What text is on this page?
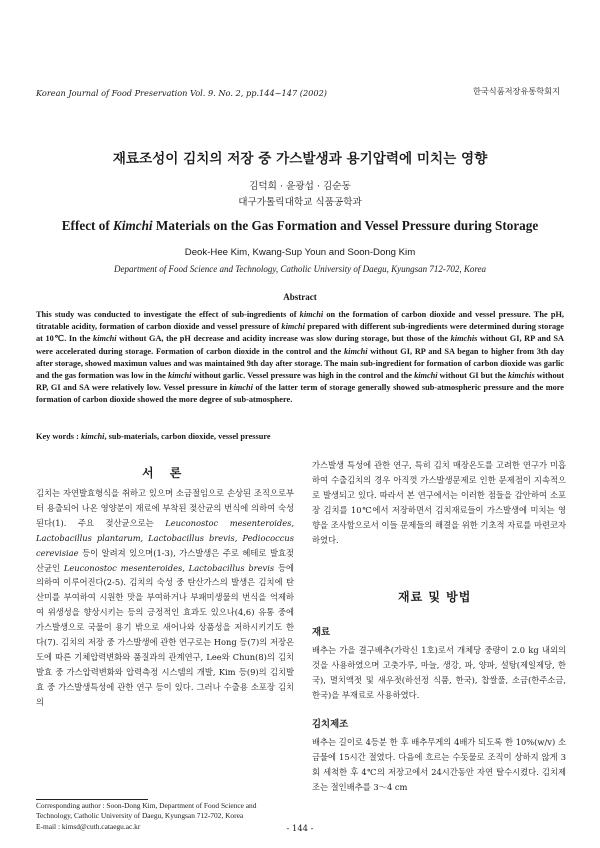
Korean Journal of Food Preservation Vol. 9. No. 2, pp.144~147 (2002)	한국식품저장유통학회지
재료조성이 김치의 저장 중 가스발생과 용기압력에 미치는 영향
김덕희 · 윤광섭 · 김순동
대구가톨릭대학교 식품공학과
Effect of Kimchi Materials on the Gas Formation and Vessel Pressure during Storage
Deok-Hee Kim, Kwang-Sup Youn and Soon-Dong Kim
Department of Food Science and Technology, Catholic University of Daegu, Kyungsan 712-702, Korea
Abstract
This study was conducted to investigate the effect of sub-ingredients of kimchi on the formation of carbon dioxide and vessel pressure. The pH, titratable acidity, formation of carbon dioxide and vessel pressure of kimchi prepared with different sub-ingredients were determined during storage at 10℃. In the kimchi without GA, the pH decrease and acidity increase was slow during storage, but those of the kimchis without GI, RP and SA were accelerated during storage. Formation of carbon dioxide in the control and the kimchi without GI, RP and SA began to higher from 3th day after storage, showed maximun values and was maintained 9th day after storage. The main sub-ingredient for formation of carbon dioxide was garlic and the gas formation was low in the kimchi without garlic. Vessel pressure was high in the control and the kimchi without GI but the kimchis without RP, GI and SA were relatively low. Vessel pressure in kimchi of the latter term of storage generally showed sub-atmospheric pressure and the more formation of carbon dioxide showed the more degree of sub-atmosphere.
Key words : kimchi, sub-materials, carbon dioxide, vessel pressure
서 론
김치는 자연발효형식을 취하고 있으며 소금절임으로 손상된 조직으로부터 용출되어 나온 영양분이 재료에 부착된 젖산균의 번식에 의하여 숙성된다(1). 주요 젖산균으로는 Leuconostoc mesenteroides, Lactobacillus plantarum, Lactobacillus brevis, Pediococcus cerevisiae 등이 알려져 있으며(1-3), 가스발생은 주로 헤테로 발효젖산균인 Leuconostoc mesenteroides, Lactobacillus brevis 등에 의하여 이루어진다(2-5). 김치의 숙성 중 탄산가스의 발생은 김치에 탄산미를 부여하여 시원한 맛을 부여하거나 부패미생물의 번식을 억제하여 위생성을 향상시키는 등의 긍정적인 효과도 있으나(4,6) 유통 중에 가스발생으로 국물이 용기 밖으로 새어나와 상품성을 저하시키기도 한다(7). 김치의 저장 중 가스발생에 관한 연구로는 Hong 등(7)의 저장온도에 따른 기체압력변화와 품질과의 관계연구, Lee와 Chun(8)의 김치발효 중 가스압력변화와 압력측정 시스템의 개발, Kim 등(9)의 김치발효 중 가스발생특성에 관한 연구 등이 있다. 그러나 수출용 소포장 김치의
가스발생 특성에 관한 연구, 특히 김치 매장온도를 고려한 연구가 미흡하여 수출김치의 경우 아직껏 가스발생문제로 인한 문제점이 지속적으로 발생되고 있다. 따라서 본 연구에서는 이러한 점들을 감안하여 소포장 김치를 10℃에서 저장하면서 김치재료들이 가스발생에 미치는 영향을 조사함으로서 이들 문제들의 해결을 위한 기초적 자료를 마련코자 하였다.
재료 및 방법
재료
배추는 가을 결구배추(가락신 1호)로서 개체당 중량이 2.0 kg 내외의 것을 사용하였으며 고춧가루, 마늘, 생강, 파, 양파, 설탕(제일제당, 한국), 멸치액젓 및 새우젓(하선정 식품, 한국), 찹쌀풀, 소금(한주소금, 한국)을 부재료로 사용하였다.
김치제조
배추는 길이로 4등분 한 후 배추무게의 4배가 되도록 한 10%(w/v) 소금물에 15시간 절였다. 다음에 흐르는 수돗물로 조직이 상하지 않게 3회 세척한 후 4℃의 저장고에서 24시간동안 자연 탈수시켰다. 김치제조는 절인배추를 3～4 cm
Corresponding author : Soon-Dong Kim, Department of Food Science and Technology, Catholic University of Daegu, Kyungsan 712-702, Korea
E-mail : kimsd@cuth.cataegu.ac.kr	- 144 -
